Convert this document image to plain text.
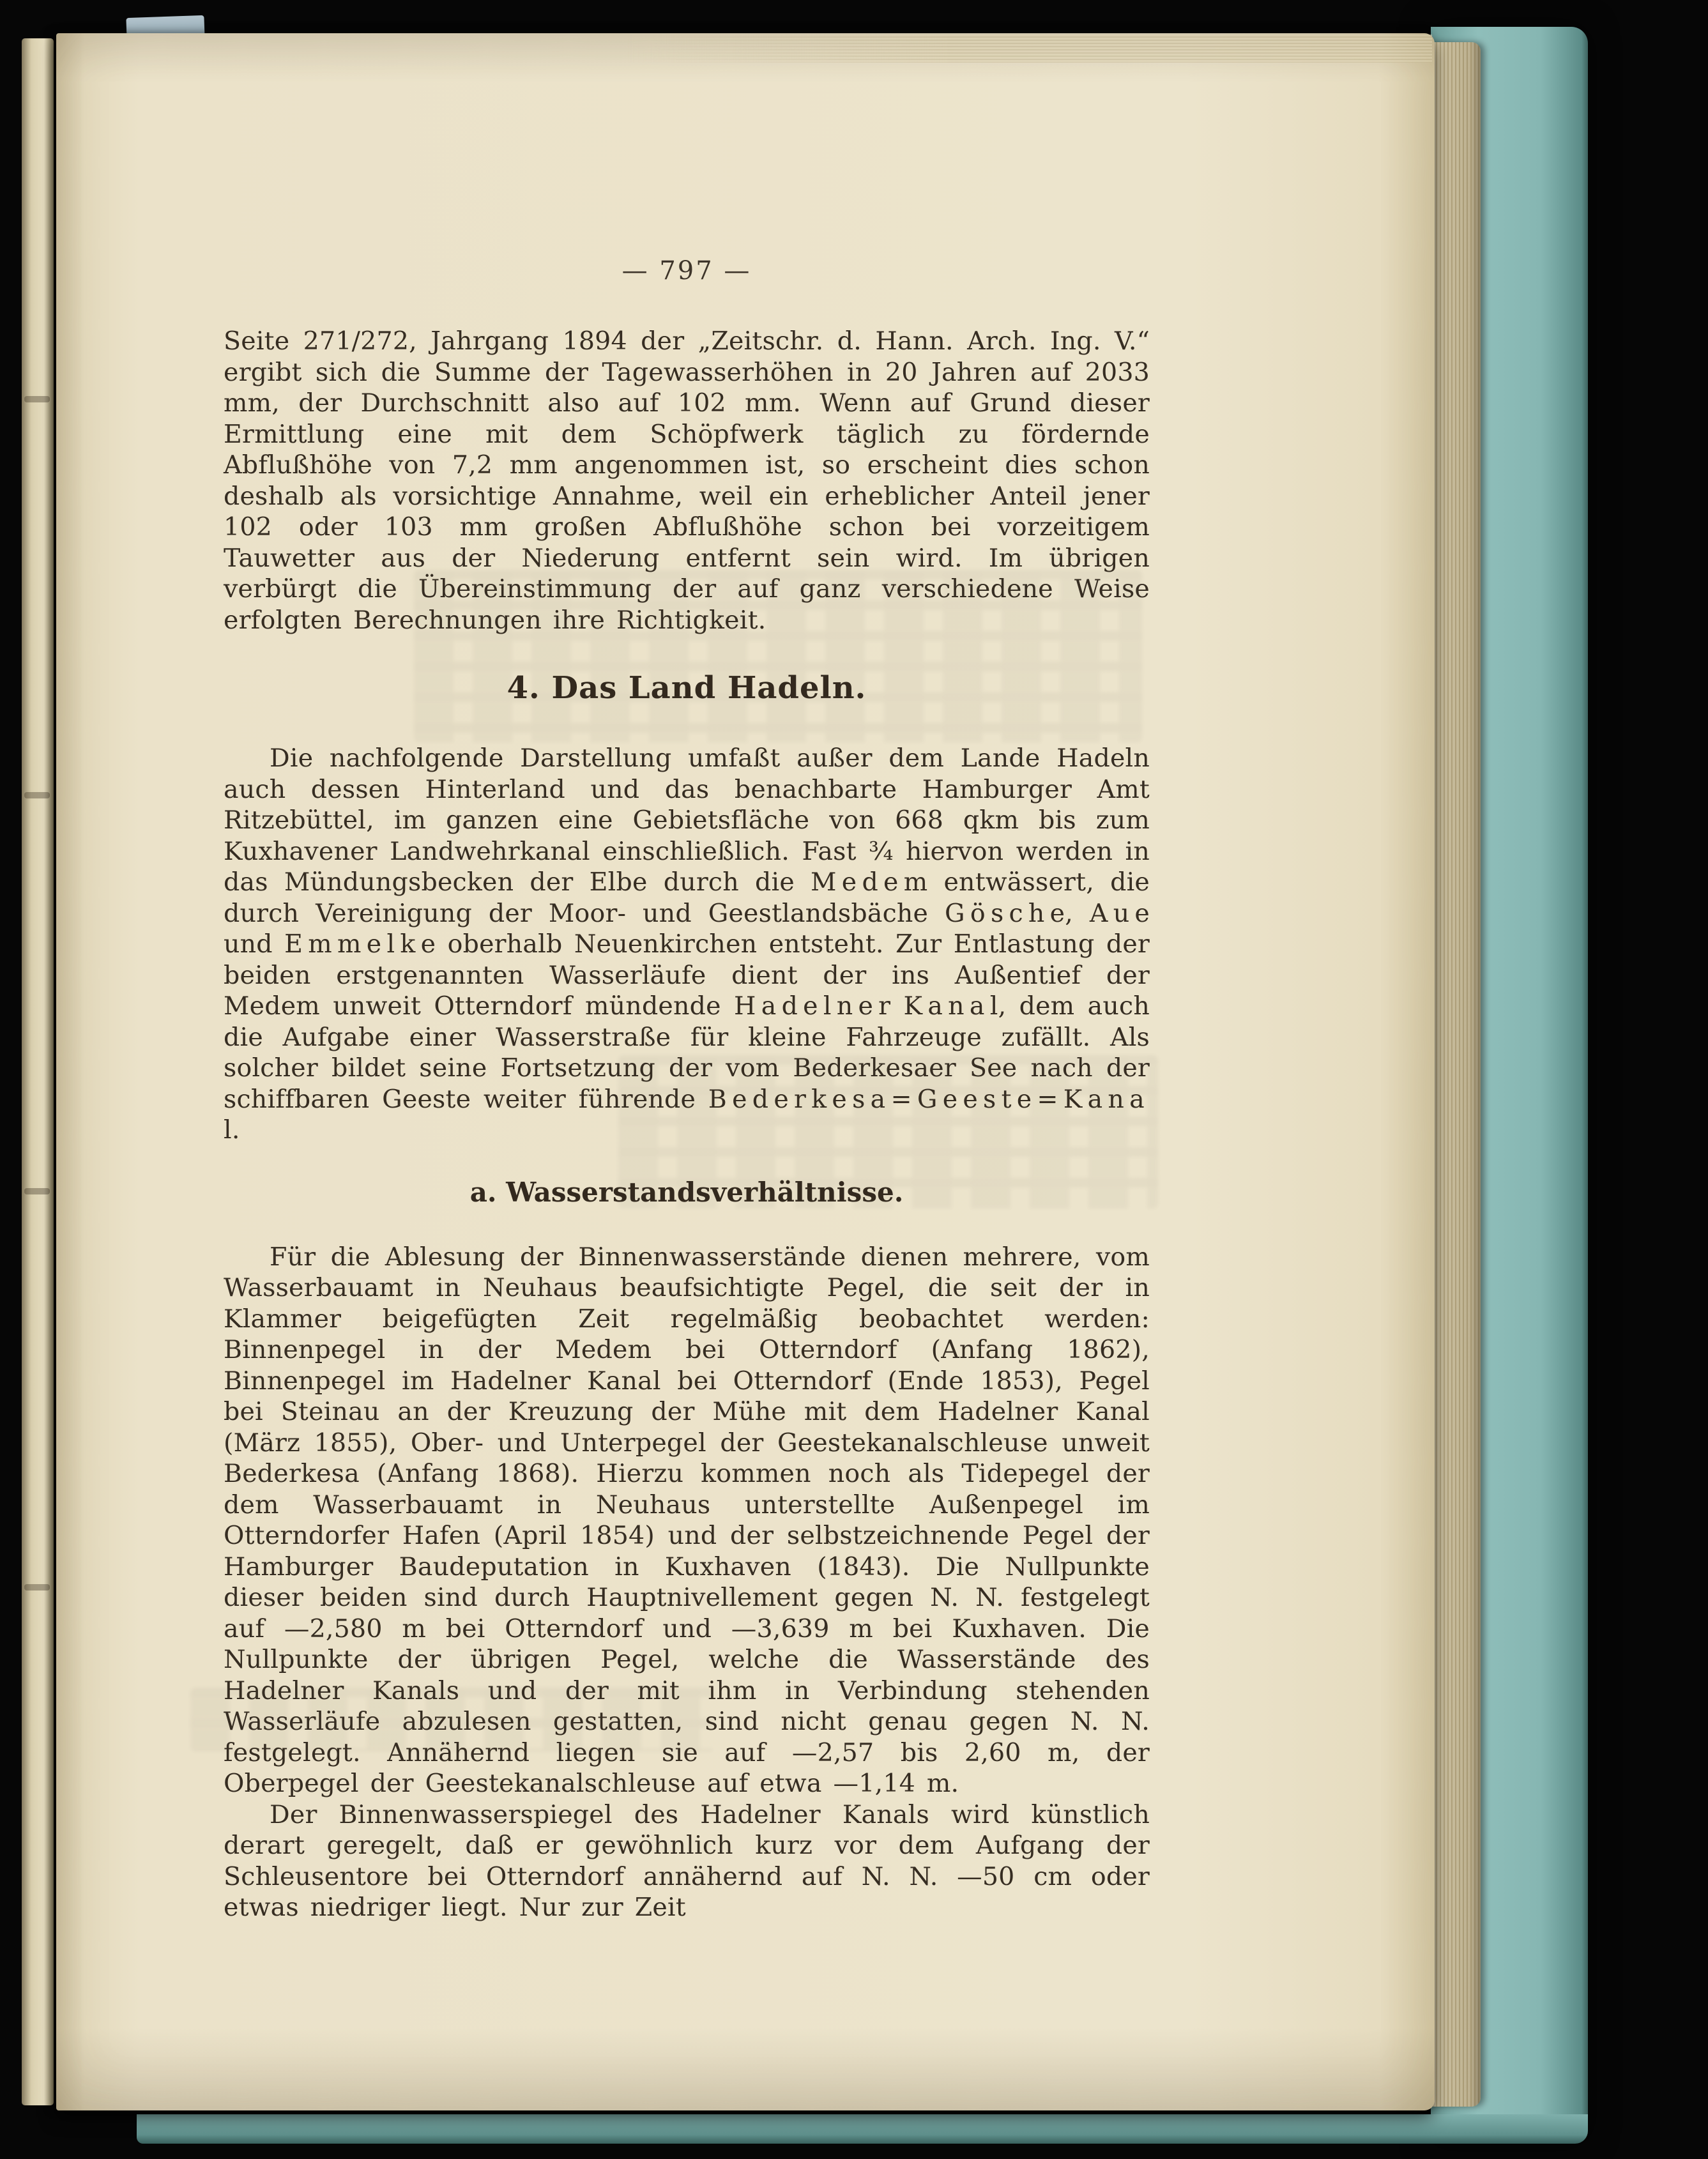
— 797 —

Seite 271/272, Jahrgang 1894 der „Zeitschr. d. Hann. Arch. Ing. V.“ ergibt sich die Summe der Tagewasserhöhen in 20 Jahren auf 2033 mm, der Durchschnitt also auf 102 mm. Wenn auf Grund dieser Ermittlung eine mit dem Schöpfwerk täglich zu fördernde Abflußhöhe von 7,2 mm angenommen ist, so erscheint dies schon deshalb als vorsichtige Annahme, weil ein erheblicher Anteil jener 102 oder 103 mm großen Abflußhöhe schon bei vorzeitigem Tauwetter aus der Niederung entfernt sein wird. Im übrigen verbürgt die Übereinstimmung der auf ganz verschiedene Weise erfolgten Berechnungen ihre Richtigkeit.

4. Das Land Hadeln.

Die nachfolgende Darstellung umfaßt außer dem Lande Hadeln auch dessen Hinterland und das benachbarte Hamburger Amt Ritzebüttel, im ganzen eine Gebietsfläche von 668 qkm bis zum Kuxhavener Landwehrkanal einschließlich. Fast ¾ hiervon werden in das Mündungsbecken der Elbe durch die M e d e m entwässert, die durch Vereinigung der Moor- und Geestlandsbäche G ö s c h e, A u e und E m m e l k e oberhalb Neuenkirchen entsteht. Zur Entlastung der beiden erstgenannten Wasserläufe dient der ins Außentief der Medem unweit Otterndorf mündende H a d e l n e r K a n a l, dem auch die Aufgabe einer Wasserstraße für kleine Fahrzeuge zufällt. Als solcher bildet seine Fortsetzung der vom Bederkesaer See nach der schiffbaren Geeste weiter führende B e d e r k e s a = G e e s t e = K a n a l.

a. Wasserstandsverhältnisse.

Für die Ablesung der Binnenwasserstände dienen mehrere, vom Wasserbauamt in Neuhaus beaufsichtigte Pegel, die seit der in Klammer beigefügten Zeit regelmäßig beobachtet werden: Binnenpegel in der Medem bei Otterndorf (Anfang 1862), Binnenpegel im Hadelner Kanal bei Otterndorf (Ende 1853), Pegel bei Steinau an der Kreuzung der Mühe mit dem Hadelner Kanal (März 1855), Ober- und Unterpegel der Geestekanalschleuse unweit Bederkesa (Anfang 1868). Hierzu kommen noch als Tidepegel der dem Wasserbauamt in Neuhaus unterstellte Außenpegel im Otterndorfer Hafen (April 1854) und der selbstzeichnende Pegel der Hamburger Baudeputation in Kuxhaven (1843). Die Nullpunkte dieser beiden sind durch Hauptnivellement gegen N. N. festgelegt auf —2,580 m bei Otterndorf und —3,639 m bei Kuxhaven. Die Nullpunkte der übrigen Pegel, welche die Wasserstände des Hadelner Kanals und der mit ihm in Verbindung stehenden Wasserläufe abzulesen gestatten, sind nicht genau gegen N. N. festgelegt. Annähernd liegen sie auf —2,57 bis 2,60 m, der Oberpegel der Geestekanalschleuse auf etwa —1,14 m.

Der Binnenwasserspiegel des Hadelner Kanals wird künstlich derart geregelt, daß er gewöhnlich kurz vor dem Aufgang der Schleusentore bei Otterndorf annähernd auf N. N. —50 cm oder etwas niedriger liegt. Nur zur Zeit
